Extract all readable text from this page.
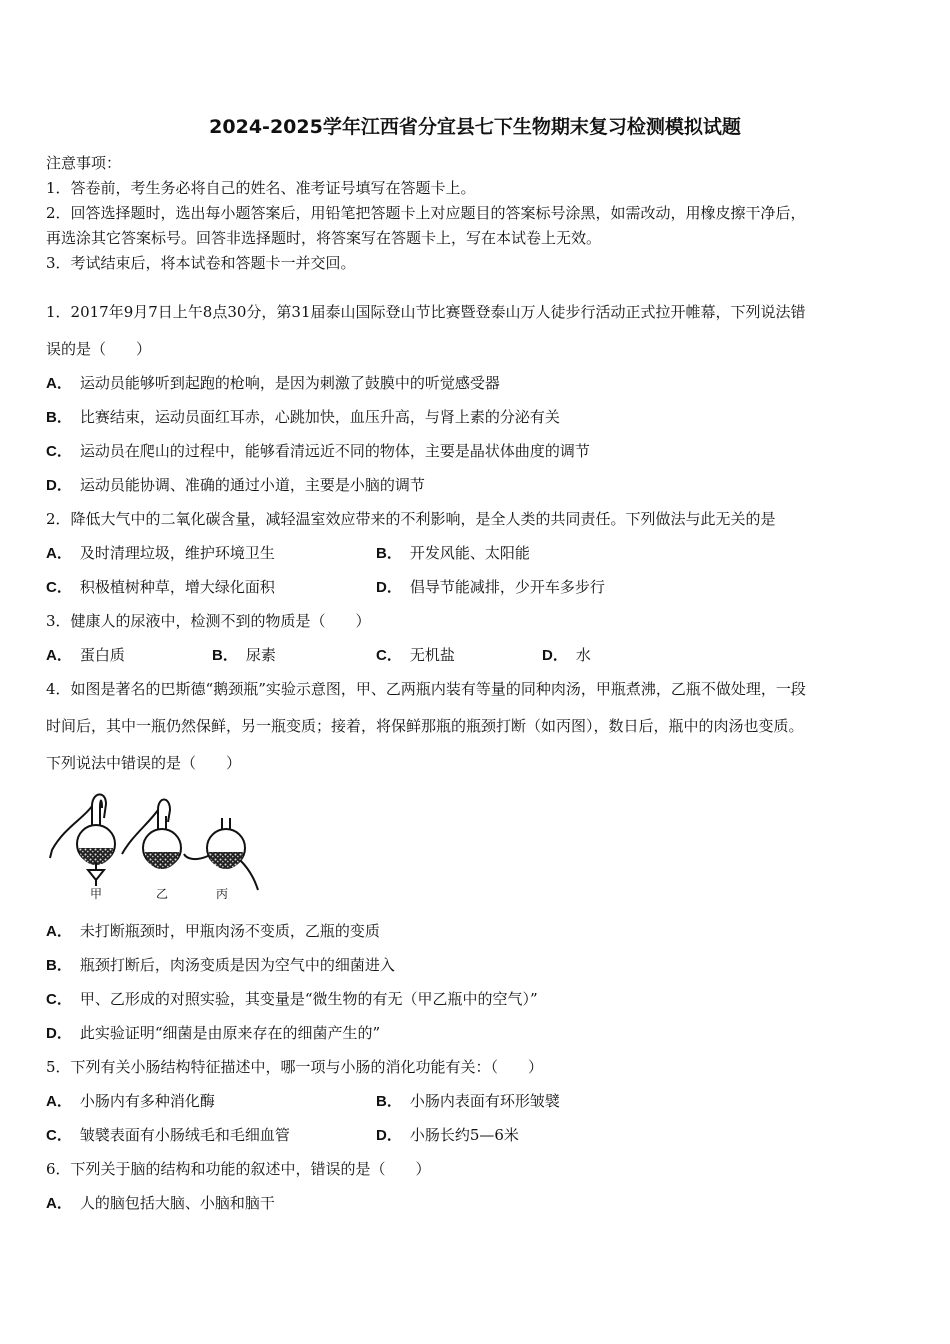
2024-2025学年江西省分宜县七下生物期末复习检测模拟试题
注意事项：
1．答卷前，考生务必将自己的姓名、准考证号填写在答题卡上。
2．回答选择题时，选出每小题答案后，用铅笔把答题卡上对应题目的答案标号涂黑，如需改动，用橡皮擦干净后，
再选涂其它答案标号。回答非选择题时，将答案写在答题卡上，写在本试卷上无效。
3．考试结束后，将本试卷和答题卡一并交回。
1．2017年9月7日上午8点30分，第31届泰山国际登山节比赛暨登泰山万人徒步行活动正式拉开帷幕，下列说法错
误的是（　　）
A． 运动员能够听到起跑的枪响，是因为刺激了鼓膜中的听觉感受器
B． 比赛结束，运动员面红耳赤，心跳加快，血压升高，与肾上素的分泌有关
C． 运动员在爬山的过程中，能够看清远近不同的物体，主要是晶状体曲度的调节
D． 运动员能协调、准确的通过小道，主要是小脑的调节
2．降低大气中的二氧化碳含量，减轻温室效应带来的不利影响，是全人类的共同责任。下列做法与此无关的是
A． 及时清理垃圾，维护环境卫生	B． 开发风能、太阳能
C． 积极植树种草，增大绿化面积	D． 倡导节能减排，少开车多步行
3．健康人的尿液中，检测不到的物质是（　　）
A． 蛋白质	B． 尿素	C． 无机盐	D． 水
4．如图是著名的巴斯德“鹅颈瓶”实验示意图，甲、乙两瓶内装有等量的同种肉汤，甲瓶煮沸，乙瓶不做处理，一段
时间后，其中一瓶仍然保鲜，另一瓶变质；接着，将保鲜那瓶的瓶颈打断（如丙图），数日后，瓶中的肉汤也变质。
下列说法中错误的是（　　）
甲	乙	丙
A． 未打断瓶颈时，甲瓶肉汤不变质，乙瓶的变质
B． 瓶颈打断后，肉汤变质是因为空气中的细菌进入
C． 甲、乙形成的对照实验，其变量是“微生物的有无（甲乙瓶中的空气）”
D． 此实验证明“细菌是由原来存在的细菌产生的”
5．下列有关小肠结构特征描述中，哪一项与小肠的消化功能有关：（　　）
A． 小肠内有多种消化酶	B． 小肠内表面有环形皱襞
C． 皱襞表面有小肠绒毛和毛细血管	D． 小肠长约5—6米
6．下列关于脑的结构和功能的叙述中，错误的是（　　）
A． 人的脑包括大脑、小脑和脑干
